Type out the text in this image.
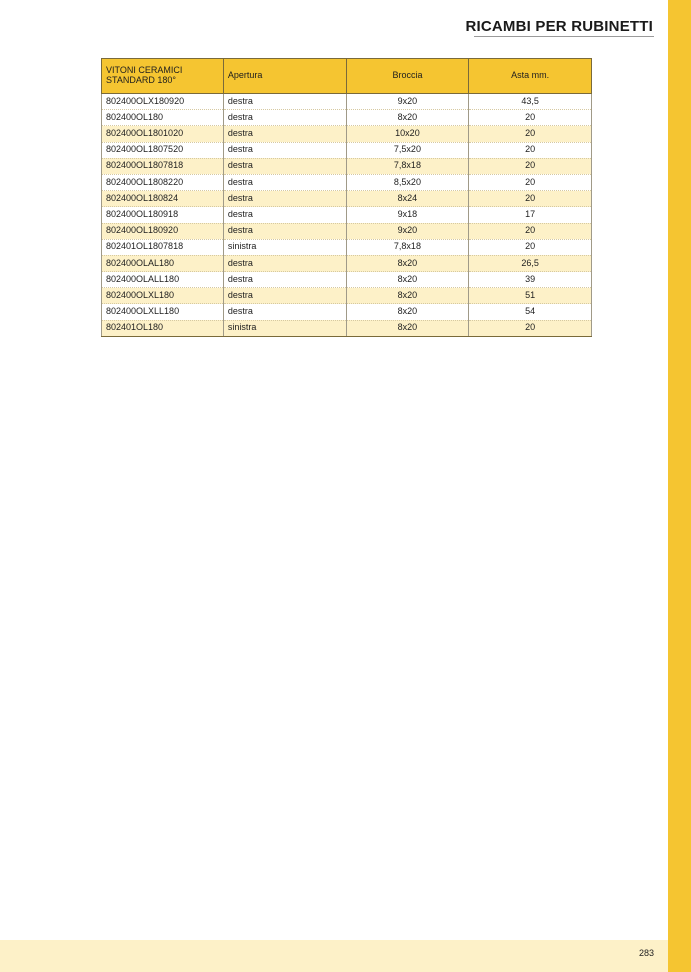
283
RICAMBI PER RUBINETTI
VITONI CERAMICI STANDARD 180°	Apertura	Broccia	Asta mm.
802400OLX180920	destra	9x20	43,5
802400OL180	destra	8x20	20
802400OL1801020	destra	10x20	20
802400OL1807520	destra	7,5x20	20
802400OL1807818	destra	7,8x18	20
802400OL1808220	destra	8,5x20	20
802400OL180824	destra	8x24	20
802400OL180918	destra	9x18	17
802400OL180920	destra	9x20	20
802401OL1807818	sinistra	7,8x18	20
802400OLAL180	destra	8x20	26,5
802400OLALL180	destra	8x20	39
802400OLXL180	destra	8x20	51
802400OLXLL180	destra	8x20	54
802401OL180	sinistra	8x20	20
